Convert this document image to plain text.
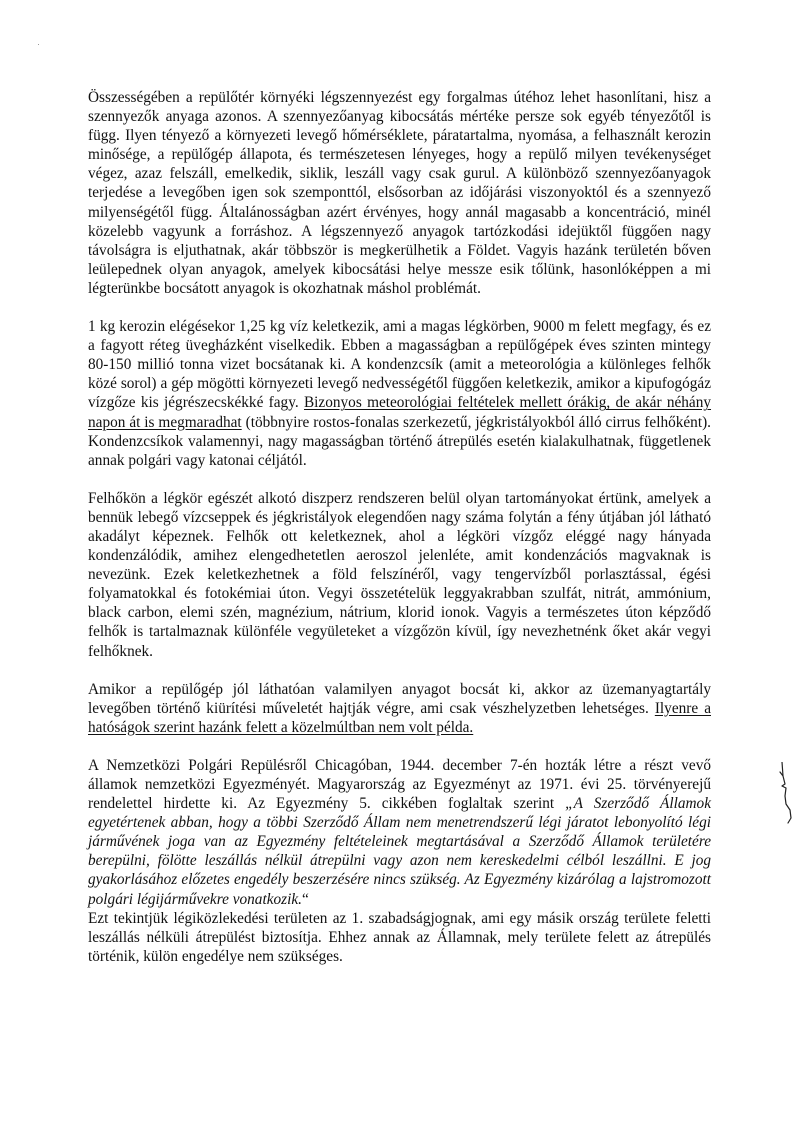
Összességében a repülőtér környéki légszennyezést egy forgalmas útéhoz lehet hasonlítani, hisz a szennyezők anyaga azonos. A szennyezőanyag kibocsátás mértéke persze sok egyéb tényezőtől is függ. Ilyen tényező a környezeti levegő hőmérséklete, páratartalma, nyomása, a felhasznált kerozin minősége, a repülőgép állapota, és természetesen lényeges, hogy a repülő milyen tevékenységet végez, azaz felszáll, emelkedik, siklik, leszáll vagy csak gurul. A különböző szennyezőanyagok terjedése a levegőben igen sok szemponttól, elsősorban az időjárási viszonyoktól és a szennyező milyenségétől függ. Általánosságban azért érvényes, hogy annál magasabb a koncentráció, minél közelebb vagyunk a forráshoz. A légszennyező anyagok tartózkodási idejüktől függően nagy távolságra is eljuthatnak, akár többször is megkerülhetik a Földet. Vagyis hazánk területén bőven leülepednek olyan anyagok, amelyek kibocsátási helye messze esik tőlünk, hasonlóképpen a mi légterünkbe bocsátott anyagok is okozhatnak máshol problémát.

1 kg kerozin elégésekor 1,25 kg víz keletkezik, ami a magas légkörben, 9000 m felett megfagy, és ez a fagyott réteg üvegházként viselkedik. Ebben a magasságban a repülőgépek éves szinten mintegy 80-150 millió tonna vizet bocsátanak ki. A kondenzcsík (amit a meteorológia a különleges felhők közé sorol) a gép mögötti környezeti levegő nedvességétől függően keletkezik, amikor a kipufogógáz vízgőze kis jégrészecskékké fagy. Bizonyos meteorológiai feltételek mellett órákig, de akár néhány napon át is megmaradhat (többnyire rostos-fonalas szerkezetű, jégkristályokból álló cirrus felhőként). Kondenzcsíkok valamennyi, nagy magasságban történő átrepülés esetén kialakulhatnak, függetlenek annak polgári vagy katonai céljától.

Felhőkön a légkör egészét alkotó diszperz rendszeren belül olyan tartományokat értünk, amelyek a bennük lebegő vízcseppek és jégkristályok elegendően nagy száma folytán a fény útjában jól látható akadályt képeznek. Felhők ott keletkeznek, ahol a légköri vízgőz eléggé nagy hányada kondenzálódik, amihez elengedhetetlen aeroszol jelenléte, amit kondenzációs magvaknak is nevezünk. Ezek keletkezhetnek a föld felszínéről, vagy tengervízből porlasztással, égési folyamatokkal és fotokémiai úton. Vegyi összetételük leggyakrabban szulfát, nitrát, ammónium, black carbon, elemi szén, magnézium, nátrium, klorid ionok. Vagyis a természetes úton képződő felhők is tartalmaznak különféle vegyületeket a vízgőzön kívül, így nevezhetnénk őket akár vegyi felhőknek.

Amikor a repülőgép jól láthatóan valamilyen anyagot bocsát ki, akkor az üzemanyagtartály levegőben történő kiürítési műveletét hajtják végre, ami csak vészhelyzetben lehetséges. Ilyenre a hatóságok szerint hazánk felett a közelmúltban nem volt példa.

A Nemzetközi Polgári Repülésről Chicagóban, 1944. december 7-én hozták létre a részt vevő államok nemzetközi Egyezményét. Magyarország az Egyezményt az 1971. évi 25. törvényerejű rendelettel hirdette ki. Az Egyezmény 5. cikkében foglaltak szerint „A Szerződő Államok egyetértenek abban, hogy a többi Szerződő Állam nem menetrendszerű légi járatot lebonyolító légi járművének joga van az Egyezmény feltételeinek megtartásával a Szerződő Államok területére berepülni, fölötte leszállás nélkül átrepülni vagy azon nem kereskedelmi célból leszállni. E jog gyakorlásához előzetes engedély beszerzésére nincs szükség. Az Egyezmény kizárólag a lajstromozott polgári légijárművekre vonatkozik.“

Ezt tekintjük légiközlekedési területen az 1. szabadságjognak, ami egy másik ország területe feletti leszállás nélküli átrepülést biztosítja. Ehhez annak az Államnak, mely területe felett az átrepülés történik, külön engedélye nem szükséges.
